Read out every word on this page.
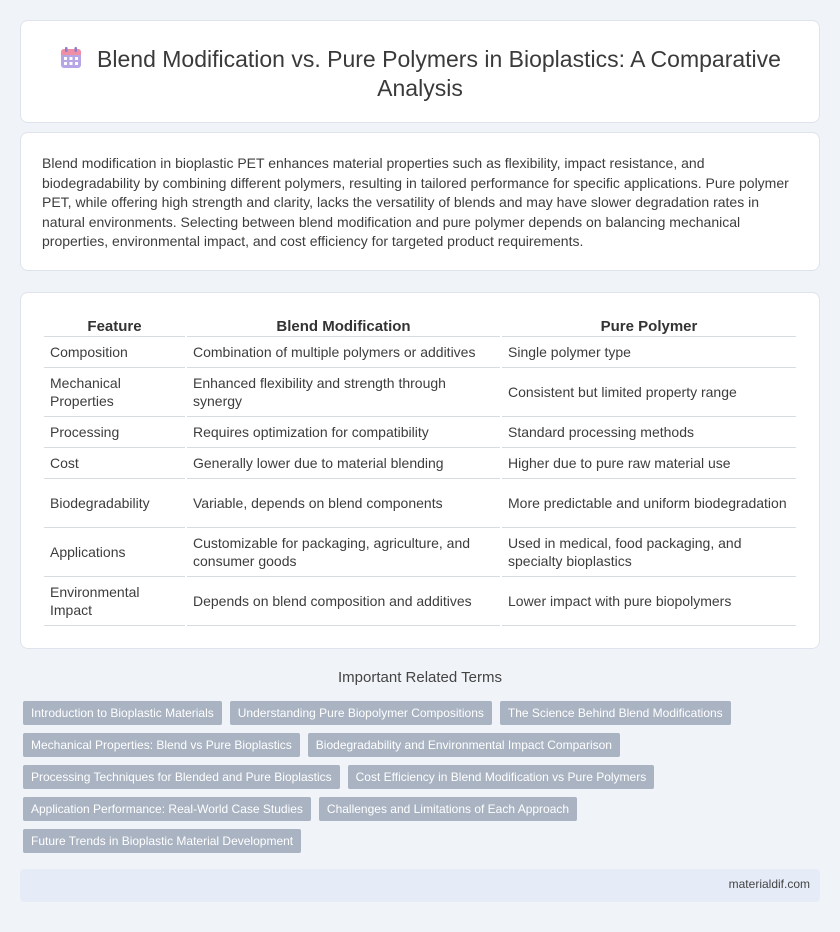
Blend Modification vs. Pure Polymers in Bioplastics: A Comparative Analysis

Blend modification in bioplastic PET enhances material properties such as flexibility, impact resistance, and biodegradability by combining different polymers, resulting in tailored performance for specific applications. Pure polymer PET, while offering high strength and clarity, lacks the versatility of blends and may have slower degradation rates in natural environments. Selecting between blend modification and pure polymer depends on balancing mechanical properties, environmental impact, and cost efficiency for targeted product requirements.

Feature	Blend Modification	Pure Polymer
Composition	Combination of multiple polymers or additives	Single polymer type
Mechanical Properties	Enhanced flexibility and strength through synergy	Consistent but limited property range
Processing	Requires optimization for compatibility	Standard processing methods
Cost	Generally lower due to material blending	Higher due to pure raw material use
Biodegradability	Variable, depends on blend components	More predictable and uniform biodegradation
Applications	Customizable for packaging, agriculture, and consumer goods	Used in medical, food packaging, and specialty bioplastics
Environmental Impact	Depends on blend composition and additives	Lower impact with pure biopolymers
Important Related Terms
Introduction to Bioplastic Materials	Understanding Pure Biopolymer Compositions	The Science Behind Blend Modifications
Mechanical Properties: Blend vs Pure Bioplastics	Biodegradability and Environmental Impact Comparison
Processing Techniques for Blended and Pure Bioplastics	Cost Efficiency in Blend Modification vs Pure Polymers
Application Performance: Real-World Case Studies	Challenges and Limitations of Each Approach
Future Trends in Bioplastic Material Development
materialdif.com
